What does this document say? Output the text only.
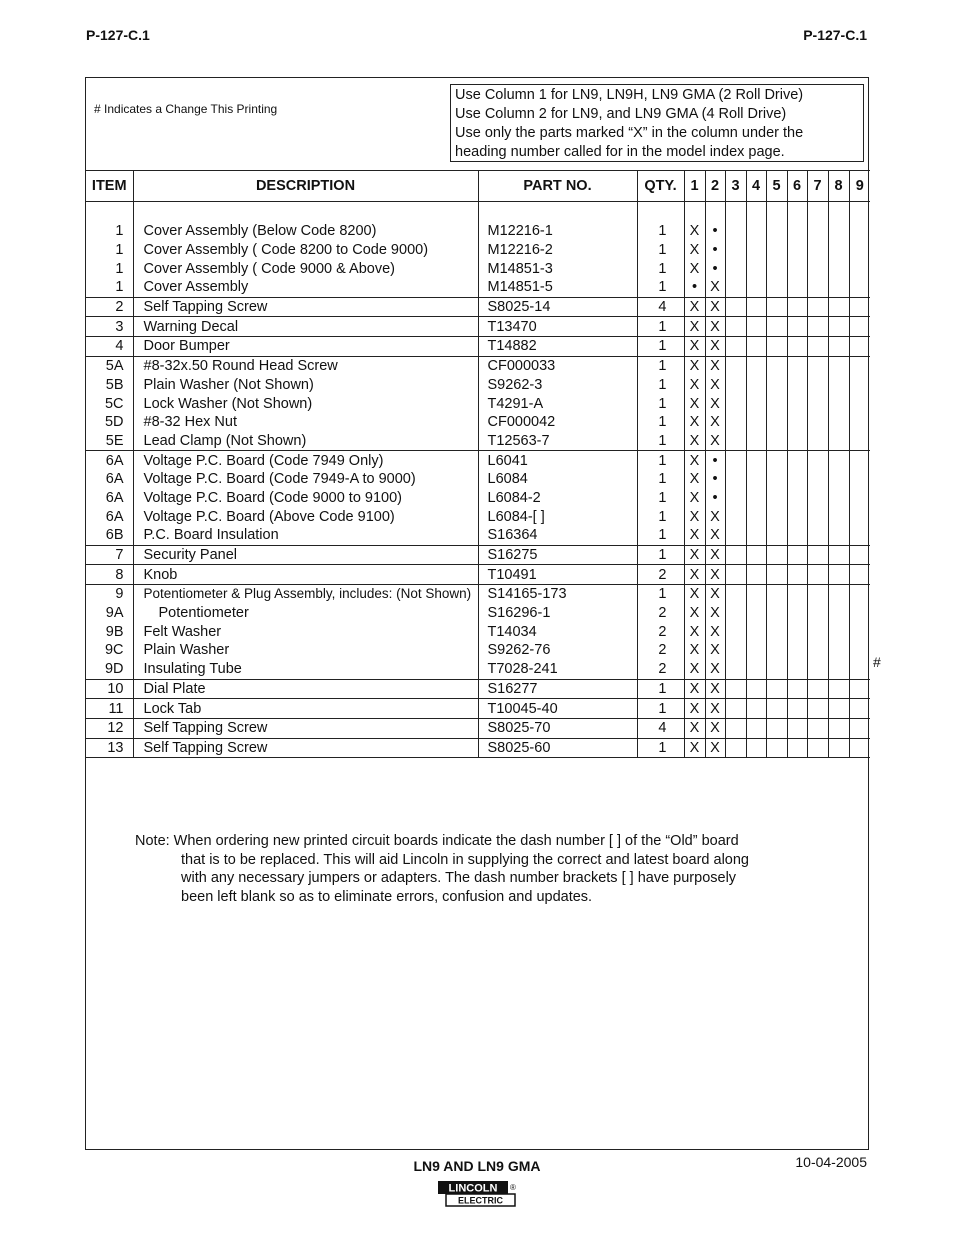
P-127-C.1	P-127-C.1
# Indicates a Change This Printing
Use Column 1 for LN9, LN9H, LN9 GMA (2 Roll Drive)
Use Column 2 for LN9, and LN9 GMA (4 Roll Drive)
Use only the parts marked “X” in the column under the
heading number called for in the model index page.
ITEM	DESCRIPTION	PART NO.	QTY.	1	2	3	4	5	6	7	8	9

1	Cover Assembly (Below Code 8200)	M12216-1	1	X	•							
1	Cover Assembly ( Code 8200 to Code 9000)	M12216-2	1	X	•							
1	Cover Assembly ( Code 9000 & Above)	M14851-3	1	X	•							
1	Cover Assembly	M14851-5	1	•	X							
2	Self Tapping Screw	S8025-14	4	X	X							
3	Warning Decal	T13470	1	X	X							
4	Door Bumper	T14882	1	X	X							
5A	#8-32x.50 Round Head Screw	CF000033	1	X	X							
5B	Plain Washer (Not Shown)	S9262-3	1	X	X							
5C	Lock Washer (Not Shown)	T4291-A	1	X	X							
5D	#8-32 Hex Nut	CF000042	1	X	X							
5E	Lead Clamp (Not Shown)	T12563-7	1	X	X							
6A	Voltage P.C. Board (Code 7949 Only)	L6041	1	X	•							
6A	Voltage P.C. Board (Code 7949-A to 9000)	L6084	1	X	•							
6A	Voltage P.C. Board (Code 9000 to 9100)	L6084-2	1	X	•							
6A	Voltage P.C. Board (Above Code 9100)	L6084-[ ]	1	X	X							
6B	P.C. Board Insulation	S16364	1	X	X							
7	Security Panel	S16275	1	X	X							
8	Knob	T10491	2	X	X							
9	Potentiometer & Plug Assembly, includes: (Not Shown)	S14165-173	1	X	X							
9A	Potentiometer	S16296-1	2	X	X							
9B	Felt Washer	T14034	2	X	X							
9C	Plain Washer	S9262-76	2	X	X							
9D	Insulating Tube	T7028-241	2	X	X							
10	Dial Plate	S16277	1	X	X							
11	Lock Tab	T10045-40	1	X	X							
12	Self Tapping Screw	S8025-70	4	X	X							
13	Self Tapping Screw	S8025-60	1	X	X							
#
Note: When ordering new printed circuit boards indicate the dash number [ ] of the “Old” board
that is to be replaced. This will aid Lincoln in supplying the correct and latest board along
with any necessary jumpers or adapters. The dash number brackets [ ] have purposely
been left blank so as to eliminate errors, confusion and updates.
LN9 AND LN9 GMA	10-04-2005
LINCOLN
ELECTRIC
®
